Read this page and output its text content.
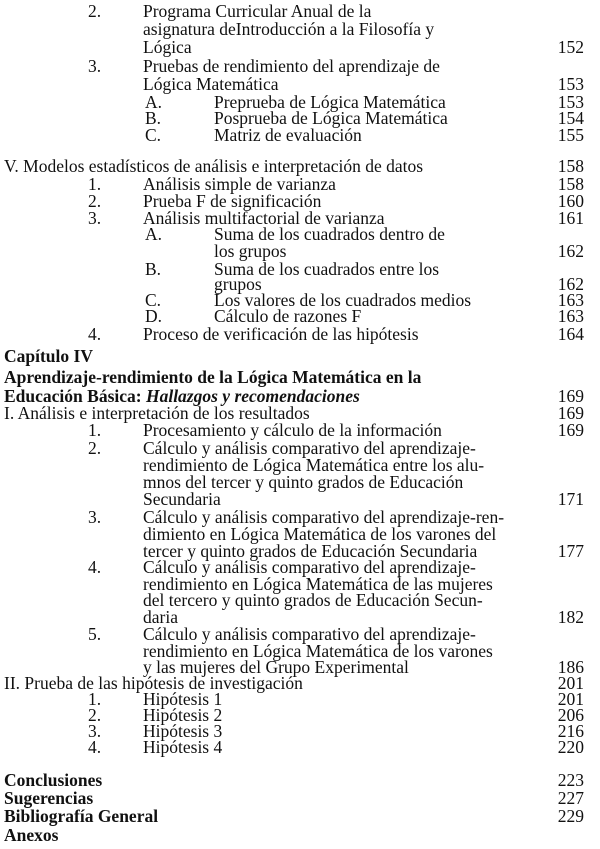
2. Programa Curricular Anual de la
asignatura deIntroducción a la Filosofía y
Lógica	152
3. Pruebas de rendimiento del aprendizaje de
Lógica Matemática	153
A.	Preprueba de Lógica Matemática	153
B.	Posprueba de Lógica Matemática	154
C.	Matriz de evaluación	155
V. Modelos estadísticos de análisis e interpretación de datos	158
1. Análisis simple de varianza	158
2. Prueba F de significación	160
3. Análisis multifactorial de varianza	161
A.	Suma de los cuadrados dentro de
los grupos	162
B.	Suma de los cuadrados entre los
grupos	162
C.	Los valores de los cuadrados medios	163
D.	Cálculo de razones F	163
4. Proceso de verificación de las hipótesis	164
Capítulo IV
Aprendizaje-rendimiento de la Lógica Matemática en la
Educación Básica: Hallazgos y recomendaciones	169
I. Análisis e interpretación de los resultados	169
1. Procesamiento y cálculo de la información	169
2. Cálculo y análisis comparativo del aprendizaje-
rendimiento de Lógica Matemática entre los alu-
mnos del tercer y quinto grados de Educación
Secundaria	171
3. Cálculo y análisis comparativo del aprendizaje-ren-
dimiento en Lógica Matemática de los varones del
tercer y quinto grados de Educación Secundaria	177
4. Cálculo y análisis comparativo del aprendizaje-
rendimiento en Lógica Matemática de las mujeres
del tercero y quinto grados de Educación Secun-
daria	182
5. Cálculo y análisis comparativo del aprendizaje-
rendimiento en Lógica Matemática de los varones
y las mujeres del Grupo Experimental	186
II. Prueba de las hipótesis de investigación	201
1. Hipótesis 1	201
2. Hipótesis 2	206
3. Hipótesis 3	216
4. Hipótesis 4	220
Conclusiones	223
Sugerencias	227
Bibliografía General	229
Anexos
